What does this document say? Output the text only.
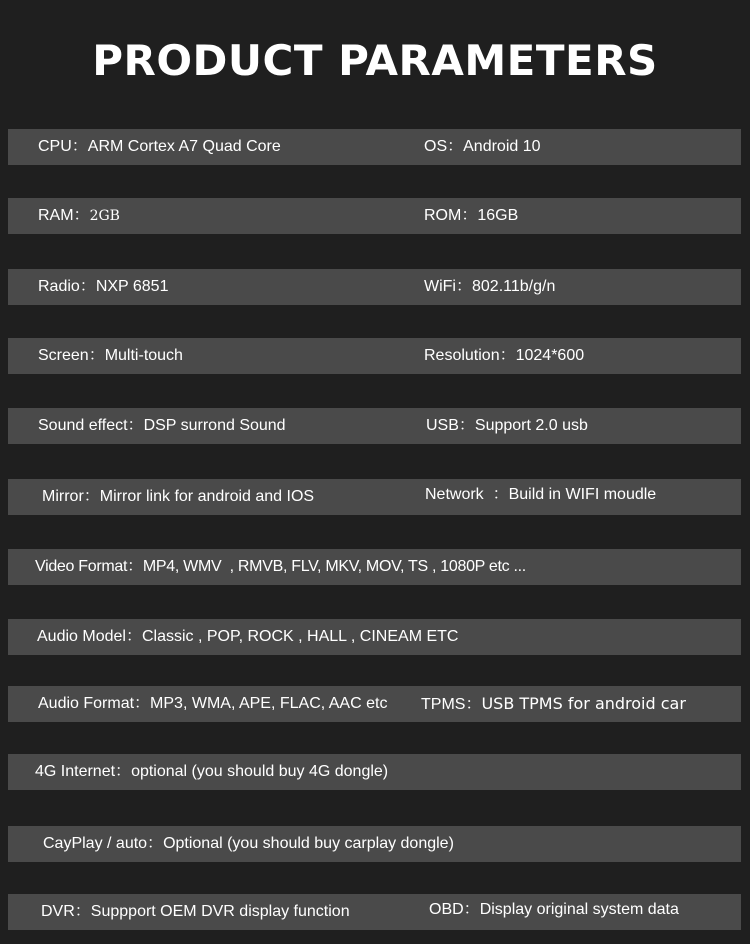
PRODUCT PARAMETERS
CPU：ARM Cortex A7 Quad Core	OS：Android 10
RAM：2GB	ROM：16GB
Radio：NXP 6851	WiFi：802.11b/g/n
Screen：Multi-touch	Resolution：1024*600
Sound effect：DSP surrond Sound	USB：Support 2.0 usb
Mirror：Mirror link for android and IOS	Network  ：Build in WIFI moudle
Video Format：MP4, WMV  , RMVB, FLV, MKV, MOV, TS , 1080P etc ...
Audio Model：Classic , POP, ROCK , HALL , CINEAM ETC
Audio Format：MP3, WMA, APE, FLAC, AAC etc TPMS：USB TPMS for android car
4G Internet：optional (you should buy 4G dongle)
CayPlay / auto：Optional (you should buy carplay dongle)
DVR：Suppport OEM DVR display function	OBD：Display original system data
